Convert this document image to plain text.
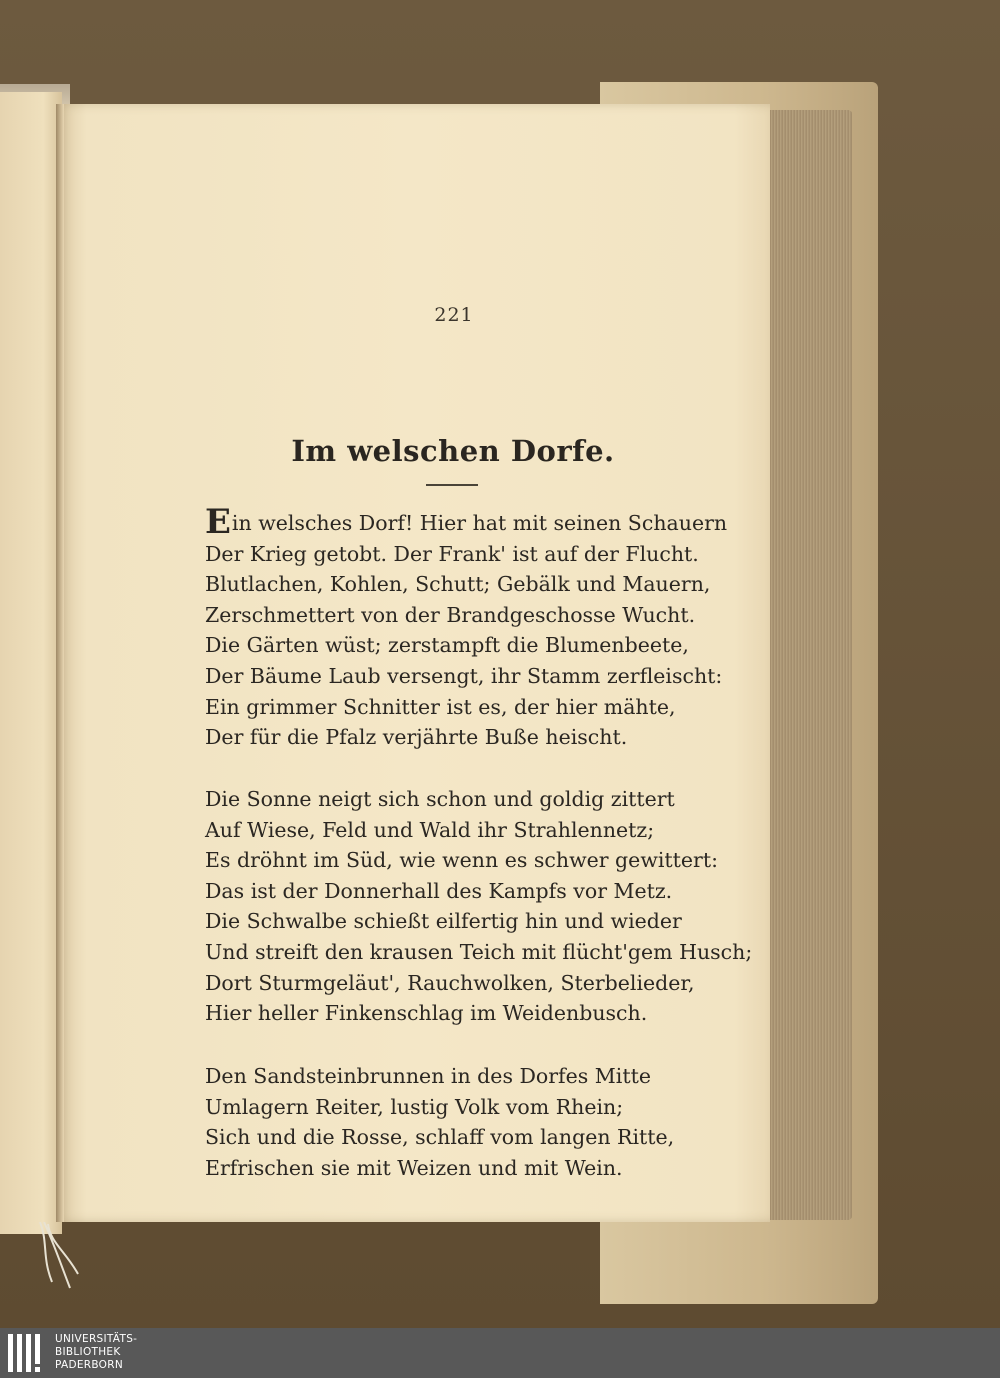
221
Im welschen Dorfe.
Ein welsches Dorf! Hier hat mit seinen Schauern
Der Krieg getobt. Der Frank' ist auf der Flucht.
Blutlachen, Kohlen, Schutt; Gebälk und Mauern,
Zerschmettert von der Brandgeschosse Wucht.
Die Gärten wüst; zerstampft die Blumenbeete,
Der Bäume Laub versengt, ihr Stamm zerfleischt:
Ein grimmer Schnitter ist es, der hier mähte,
Der für die Pfalz verjährte Buße heischt.
Die Sonne neigt sich schon und goldig zittert
Auf Wiese, Feld und Wald ihr Strahlennetz;
Es dröhnt im Süd, wie wenn es schwer gewittert:
Das ist der Donnerhall des Kampfs vor Metz.
Die Schwalbe schießt eilfertig hin und wieder
Und streift den krausen Teich mit flücht'gem Husch;
Dort Sturmgeläut', Rauchwolken, Sterbelieder,
Hier heller Finkenschlag im Weidenbusch.
Den Sandsteinbrunnen in des Dorfes Mitte
Umlagern Reiter, lustig Volk vom Rhein;
Sich und die Rosse, schlaff vom langen Ritte,
Erfrischen sie mit Weizen und mit Wein.
UNIVERSITÄTS-
BIBLIOTHEK
PADERBORN
